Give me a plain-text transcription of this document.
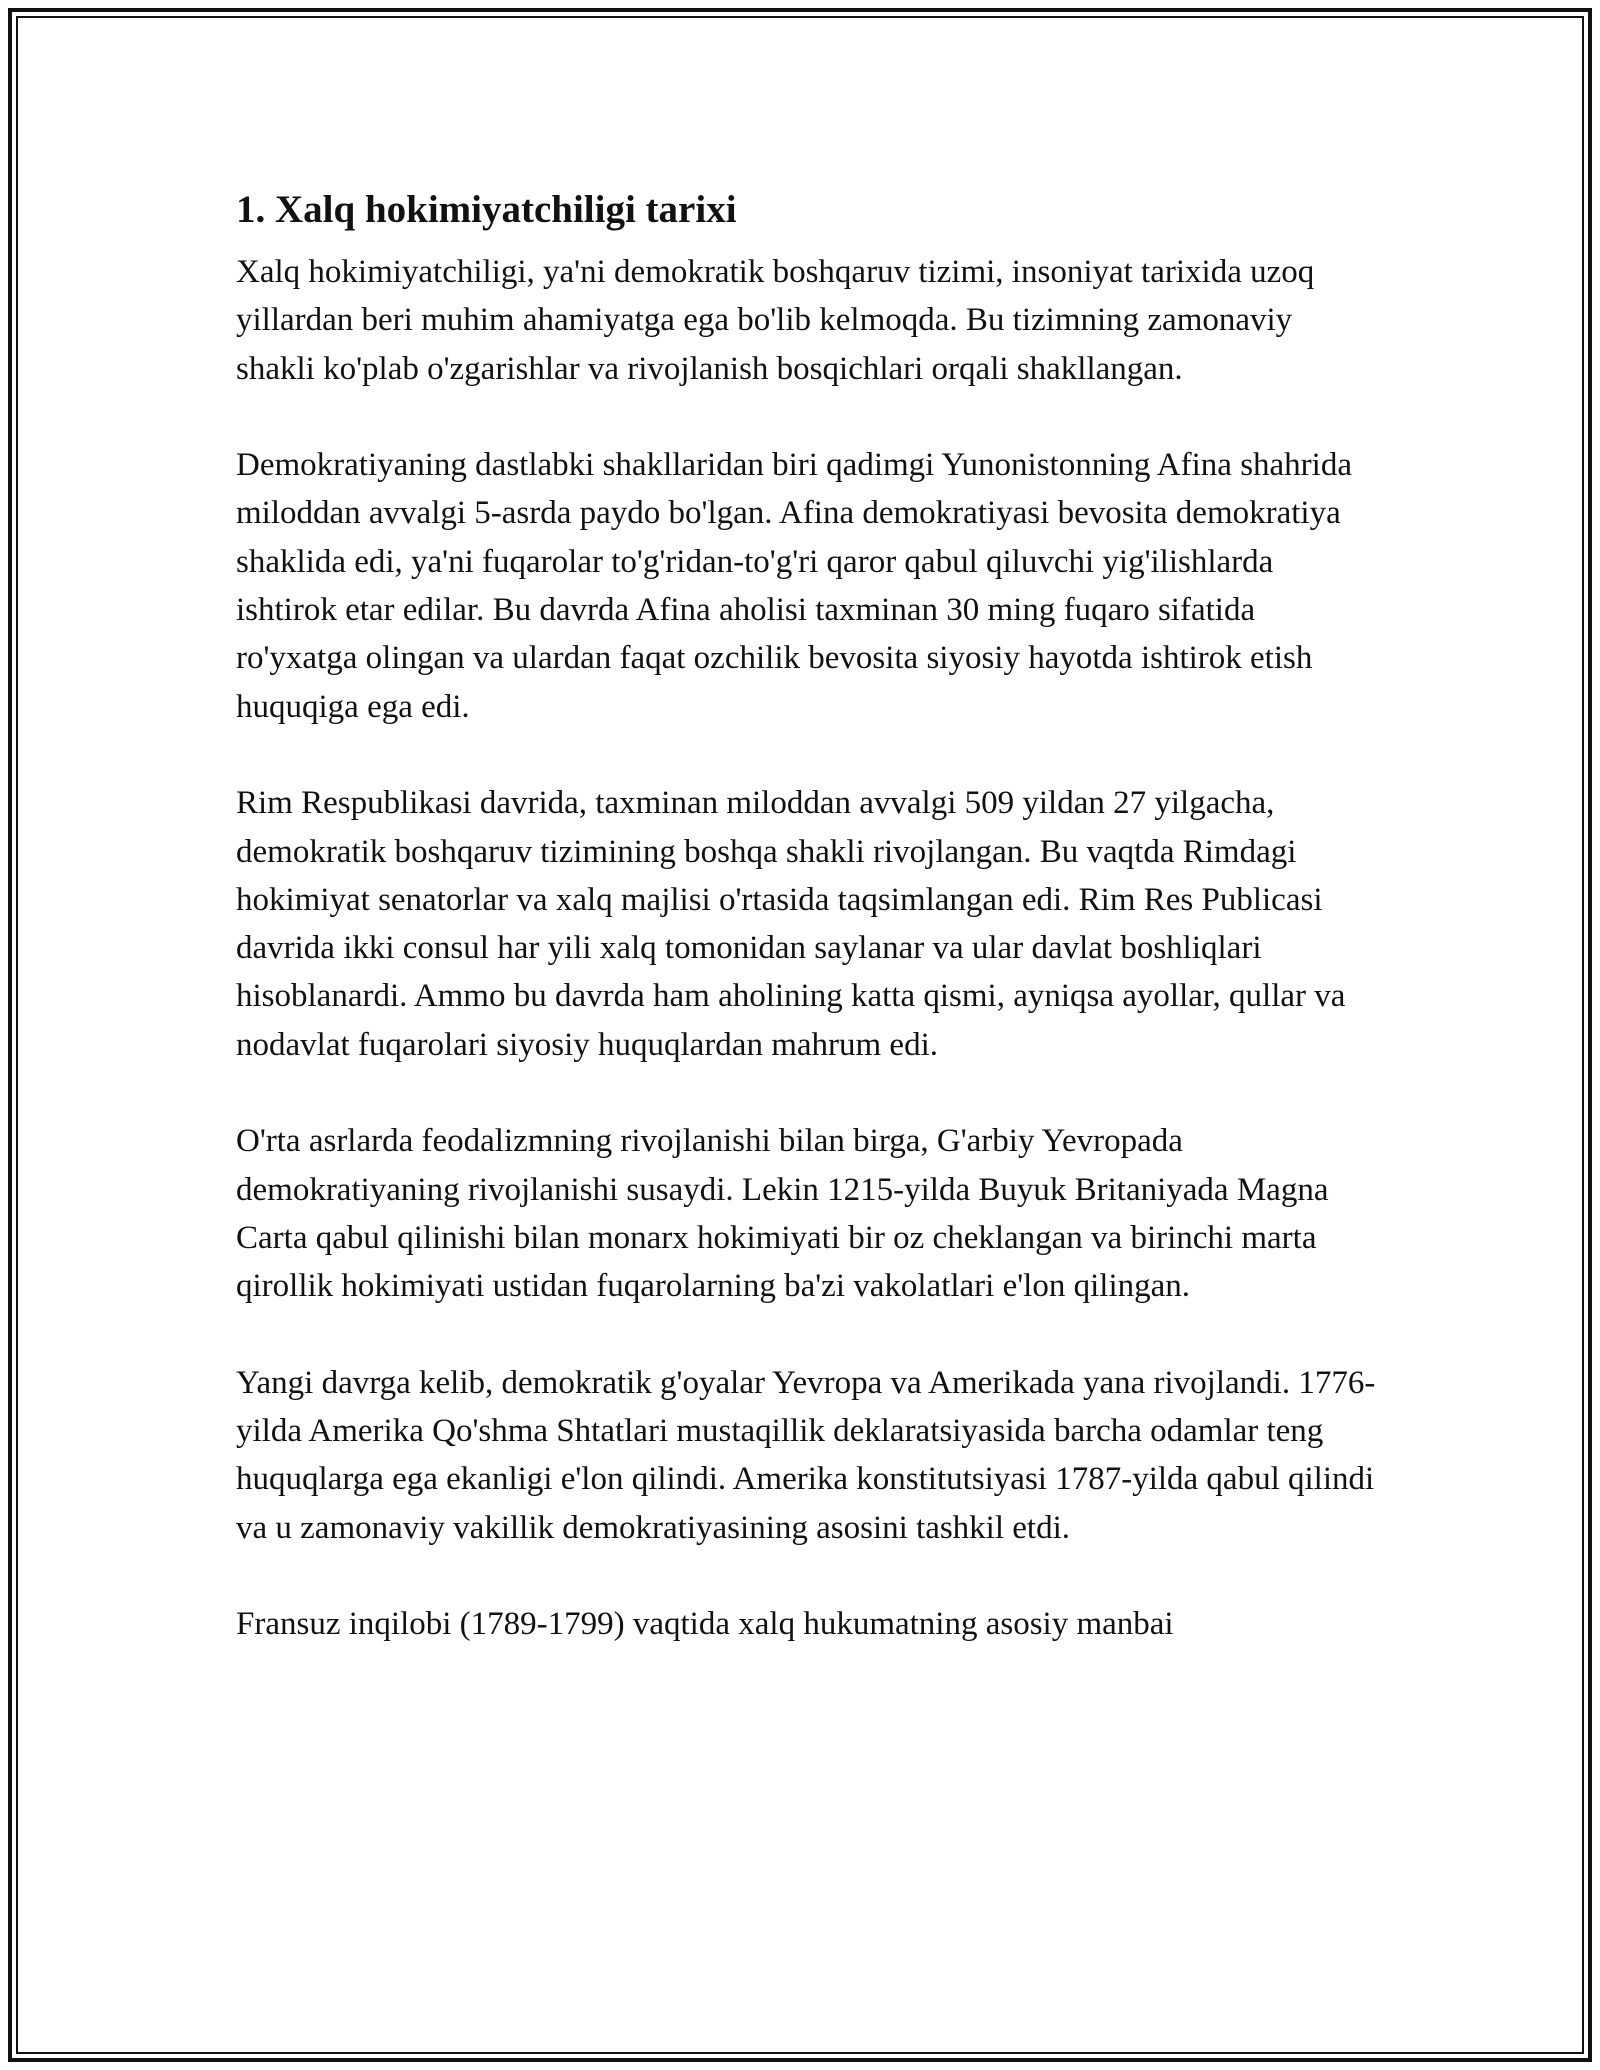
1. Xalq hokimiyatchiligi tarixi

Xalq hokimiyatchiligi, ya'ni demokratik boshqaruv tizimi, insoniyat tarixida uzoq yillardan beri muhim ahamiyatga ega bo'lib kelmoqda. Bu tizimning zamonaviy shakli ko'plab o'zgarishlar va rivojlanish bosqichlari orqali shakllangan.

Demokratiyaning dastlabki shakllaridan biri qadimgi Yunonistonning Afina shahrida miloddan avvalgi 5-asrda paydo bo'lgan. Afina demokratiyasi bevosita demokratiya shaklida edi, ya'ni fuqarolar to'g'ridan-to'g'ri qaror qabul qiluvchi yig'ilishlarda ishtirok etar edilar. Bu davrda Afina aholisi taxminan 30 ming fuqaro sifatida ro'yxatga olingan va ulardan faqat ozchilik bevosita siyosiy hayotda ishtirok etish huquqiga ega edi.

Rim Respublikasi davrida, taxminan miloddan avvalgi 509 yildan 27 yilgacha, demokratik boshqaruv tizimining boshqa shakli rivojlangan. Bu vaqtda Rimdagi hokimiyat senatorlar va xalq majlisi o'rtasida taqsimlangan edi. Rim Res Publicasi davrida ikki consul har yili xalq tomonidan saylanar va ular davlat boshliqlari hisoblanardi. Ammo bu davrda ham aholining katta qismi, ayniqsa ayollar, qullar va nodavlat fuqarolari siyosiy huquqlardan mahrum edi.

O'rta asrlarda feodalizmning rivojlanishi bilan birga, G'arbiy Yevropada demokratiyaning rivojlanishi susaydi. Lekin 1215-yilda Buyuk Britaniyada Magna Carta qabul qilinishi bilan monarx hokimiyati bir oz cheklangan va birinchi marta qirollik hokimiyati ustidan fuqarolarning ba'zi vakolatlari e'lon qilingan.

Yangi davrga kelib, demokratik g'oyalar Yevropa va Amerikada yana rivojlandi. 1776-yilda Amerika Qo'shma Shtatlari mustaqillik deklaratsiyasida barcha odamlar teng huquqlarga ega ekanligi e'lon qilindi. Amerika konstitutsiyasi 1787-yilda qabul qilindi va u zamonaviy vakillik demokratiyasining asosini tashkil etdi.

Fransuz inqilobi (1789-1799) vaqtida xalq hukumatning asosiy manbai
